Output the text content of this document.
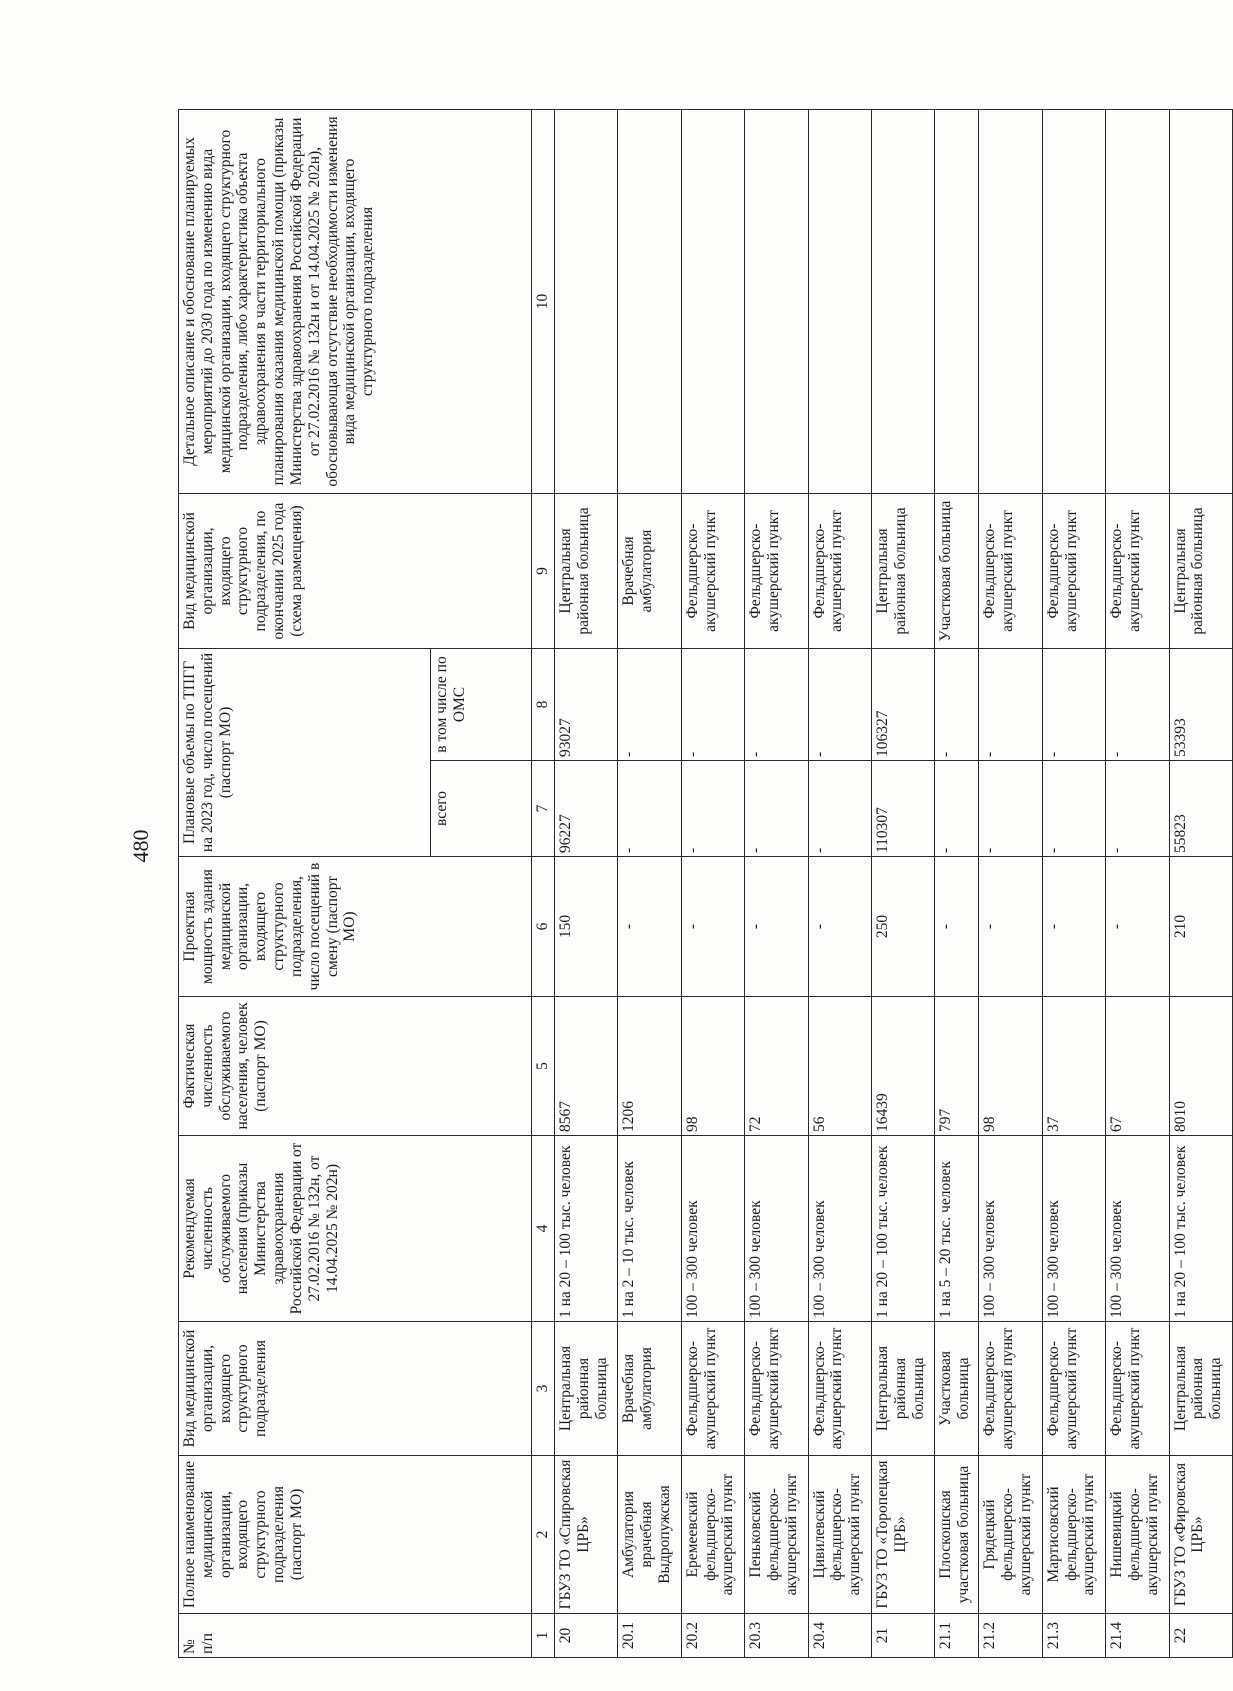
480
№
п/п	Полное наименование медицинской организации, входящего структурного подразделения (паспорт МО)	Вид медицинской организации, входящего структурного подразделения	Рекомендуемая численность обслуживаемого населения (приказы Министерства здравоохранения Российской Федерации от 27.02.2016 № 132н, от 14.04.2025 № 202н)	Фактическая численность обслуживаемого населения, человек (паспорт МО)	Проектная мощность здания медицинской организации, входящего структурного подразделения, число посещений в смену (паспорт МО)	Плановые объемы по ТПГГ на 2023 год, число посещений (паспорт МО)		Вид медицинской организации, входящего структурного подразделения, по окончании 2025 года (схема размещения)	Детальное описание и обоснование планируемых мероприятий до 2030 года по изменению вида медицинской организации, входящего структурного подразделения, либо характеристика объекта здравоохранения в части территориального планирования оказания медицинской помощи (приказы Министерства здравоохранения Российской Федерации от 27.02.2016 № 132н и от 14.04.2025 № 202н), обосновывающая отсутствие необходимости изменения вида медицинской организации, входящего структурного подразделения
						всего	в том числе по ОМС		
1	2	3	4	5	6	7	8	9	10
20	ГБУЗ ТО «Спировская ЦРБ»	Центральная районная больница	1 на 20 – 100 тыс. человек	8567	150	96227	93027	Центральная районная больница	
20.1	Амбулатория врачебная Выдропужская	Врачебная амбулатория	1 на 2 – 10 тыс. человек	1206	-	-	-	Врачебная амбулатория	
20.2	Еремеевский фельдшерско-акушерский пункт	Фельдшерско-акушерский пункт	100 – 300 человек	98	-	-	-	Фельдшерско-акушерский пункт	
20.3	Пеньковский фельдшерско-акушерский пункт	Фельдшерско-акушерский пункт	100 – 300 человек	72	-	-	-	Фельдшерско-акушерский пункт	
20.4	Цивилевский фельдшерско-акушерский пункт	Фельдшерско-акушерский пункт	100 – 300 человек	56	-	-	-	Фельдшерско-акушерский пункт	
21	ГБУЗ ТО «Торопецкая ЦРБ»	Центральная районная больница	1 на 20 – 100 тыс. человек	16439	250	110307	106327	Центральная районная больница	
21.1	Плоскошская участковая больница	Участковая больница	1 на 5 – 20 тыс. человек	797	-	-	-	Участковая больница	
21.2	Грядецкий фельдшерско-акушерский пункт	Фельдшерско-акушерский пункт	100 – 300 человек	98	-	-	-	Фельдшерско-акушерский пункт	
21.3	Мартисовский фельдшерско-акушерский пункт	Фельдшерско-акушерский пункт	100 – 300 человек	37	-	-	-	Фельдшерско-акушерский пункт	
21.4	Нишевицкий фельдшерско-акушерский пункт	Фельдшерско-акушерский пункт	100 – 300 человек	67	-	-	-	Фельдшерско-акушерский пункт	
22	ГБУЗ ТО «Фировская ЦРБ»	Центральная районная больница	1 на 20 – 100 тыс. человек	8010	210	55823	53393	Центральная районная больница	
